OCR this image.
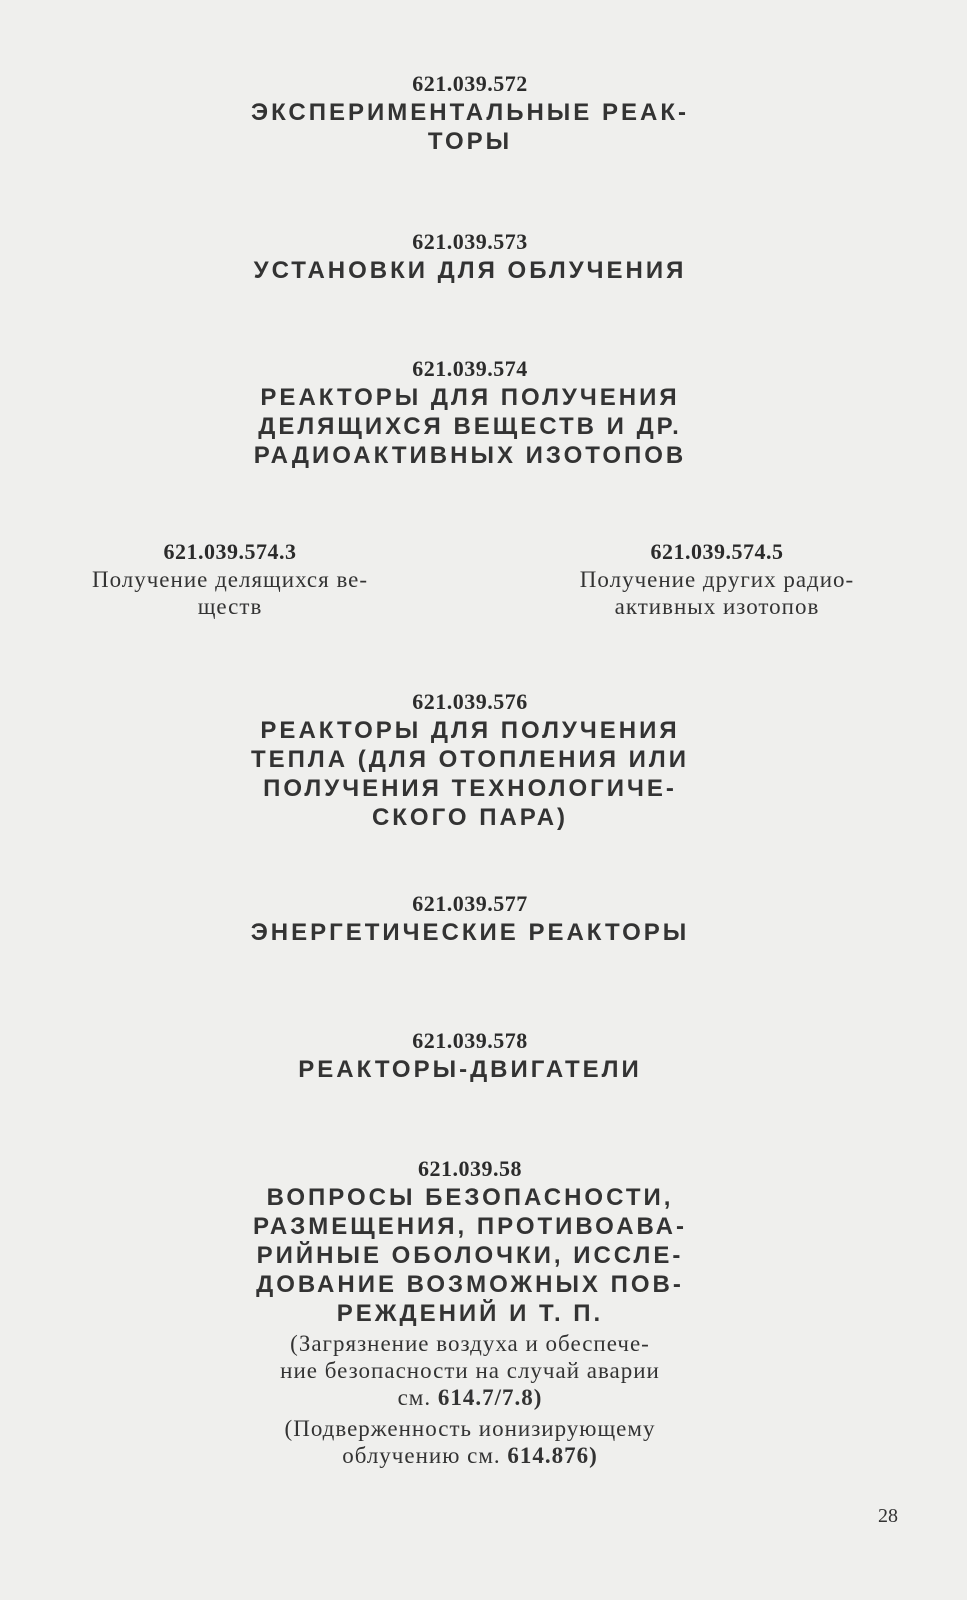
621.039.572
ЭКСПЕРИМЕНТАЛЬНЫЕ РЕАК-
ТОРЫ
621.039.573
УСТАНОВКИ ДЛЯ ОБЛУЧЕНИЯ
621.039.574
РЕАКТОРЫ ДЛЯ ПОЛУЧЕНИЯ
ДЕЛЯЩИХСЯ ВЕЩЕСТВ И ДР.
РАДИОАКТИВНЫХ ИЗОТОПОВ
621.039.574.3
Получение делящихся ве-
ществ
621.039.574.5
Получение других радио-
активных изотопов
621.039.576
РЕАКТОРЫ ДЛЯ ПОЛУЧЕНИЯ
ТЕПЛА (ДЛЯ ОТОПЛЕНИЯ ИЛИ
ПОЛУЧЕНИЯ ТЕХНОЛОГИЧЕ-
СКОГО ПАРА)
621.039.577
ЭНЕРГЕТИЧЕСКИЕ РЕАКТОРЫ
621.039.578
РЕАКТОРЫ-ДВИГАТЕЛИ
621.039.58
ВОПРОСЫ БЕЗОПАСНОСТИ,
РАЗМЕЩЕНИЯ, ПРОТИВОАВА-
РИЙНЫЕ ОБОЛОЧКИ, ИССЛЕ-
ДОВАНИЕ ВОЗМОЖНЫХ ПОВ-
РЕЖДЕНИЙ И Т. П.
(Загрязнение воздуха и обеспече-
ние безопасности на случай аварии
см. 614.7/7.8)
(Подверженность ионизирующему
облучению см. 614.876)
28
